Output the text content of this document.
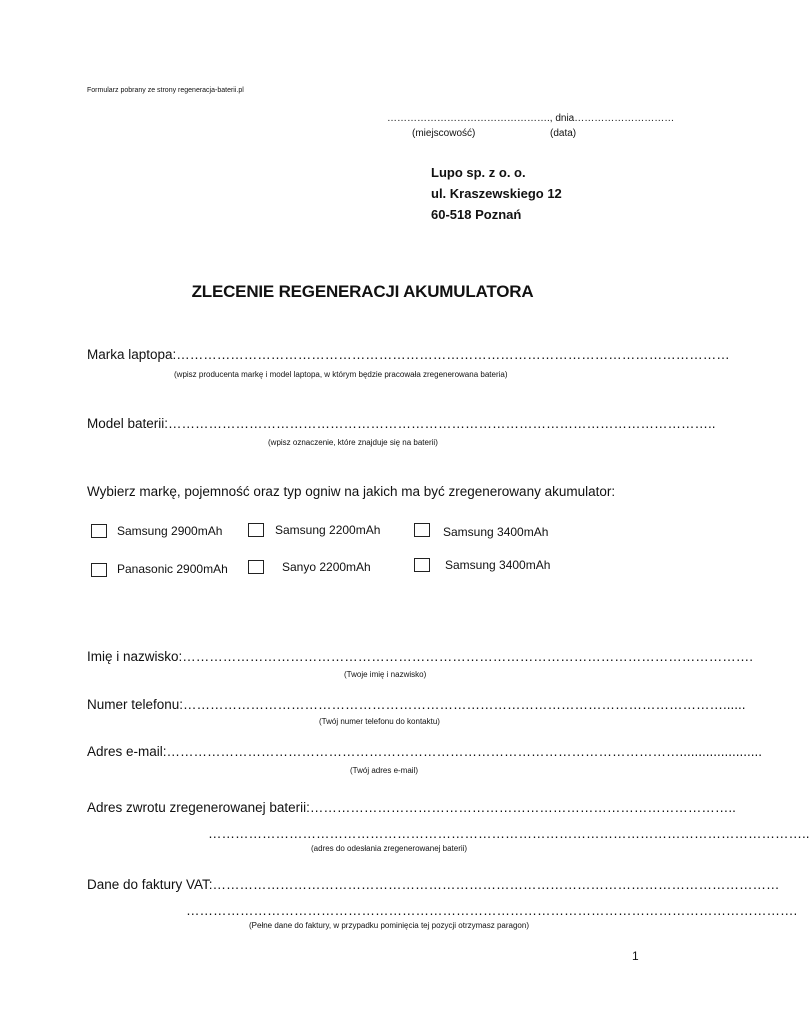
Formularz pobrany ze strony regeneracja-baterii.pl
…………………………………………., dnia…………………………
(miejscowość)	(data)
Lupo sp. z o. o.
ul. Kraszewskiego 12
60-518 Poznań
ZLECENIE REGENERACJI AKUMULATORA
Marka laptopa:……………………………………………………………………………………………………………
(wpisz producenta markę i model laptopa, w którym będzie pracowała zregenerowana bateria)
Model baterii:…………………………………………………………………………………………………………..
(wpisz oznaczenie, które znajduje się na baterii)
Wybierz markę, pojemność oraz typ ogniw na jakich ma być zregenerowany akumulator:
Samsung 2900mAh	Samsung 2200mAh	Samsung 3400mAh
Panasonic 2900mAh	Sanyo 2200mAh	Samsung 3400mAh
Imię i nazwisko:……………………………………………………………………………………………………………….
(Twoje imię i nazwisko)
Numer telefonu:…………………………………………………………………………………………………………......
(Twój numer telefonu do kontaktu)
Adres e-mail:……………………………………………………………………………………………………......................
(Twój adres e-mail)
Adres zwrotu zregenerowanej baterii:…………………………………………………………………………………..
……………………………………………………………………………………………………………………..
(adres do odesłania zregenerowanej baterii)
Dane do faktury VAT:………………………………………………………………………………………………………………
……………………………………………………………………………………………………………………….
(Pełne dane do faktury, w przypadku pominięcia tej pozycji otrzymasz paragon)
1
